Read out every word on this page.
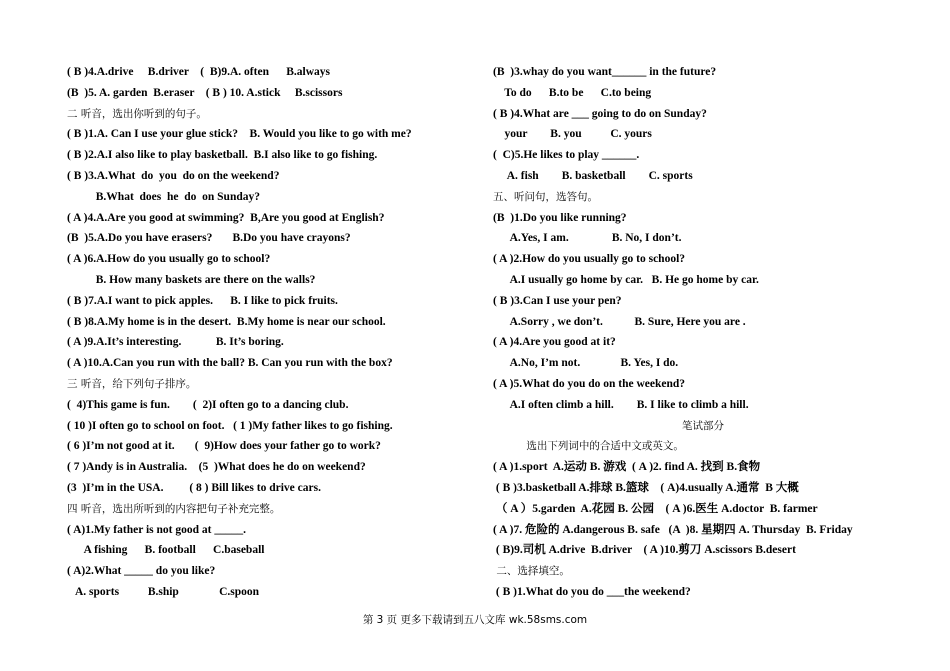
( B )4.A.drive     B.driver    (  B)9.A. often      B.always
(B  )5. A. garden  B.eraser    ( B ) 10. A.stick     B.scissors
二 听音，选出你听到的句子。
( B )1.A. Can I use your glue stick?    B. Would you like to go with me?
( B )2.A.I also like to play basketball.  B.I also like to go fishing.
( B )3.A.What  do  you  do on the weekend?
B.What  does  he  do  on Sunday?
( A )4.A.Are you good at swimming?  B,Are you good at English?
(B  )5.A.Do you have erasers?       B.Do you have crayons?
( A )6.A.How do you usually go to school?
B. How many baskets are there on the walls?
( B )7.A.I want to pick apples.      B. I like to pick fruits.
( B )8.A.My home is in the desert.  B.My home is near our school.
( A )9.A.It’s interesting.            B. It’s boring.
( A )10.A.Can you run with the ball? B. Can you run with the box?
三 听音，给下列句子排序。
(  4)This game is fun.        (  2)I often go to a dancing club.
( 10 )I often go to school on foot.   ( 1 )My father likes to go fishing.
( 6 )I’m not good at it.       (  9)How does your father go to work?
( 7 )Andy is in Australia.    (5  )What does he do on weekend?
(3  )I’m in the USA.         ( 8 ) Bill likes to drive cars.
四 听音，选出所听到的内容把句子补充完整。
( A)1.My father is not good at _____.
A fishing      B. football      C.baseball
( A)2.What _____ do you like?
A. sports          B.ship              C.spoon
(B  )3.whay do you want______ in the future?
To do      B.to be      C.to being
( B )4.What are ___ going to do on Sunday?
your        B. you          C. yours
(  C)5.He likes to play ______.
A. fish        B. basketball        C. sports
五、听问句，选答句。
(B  )1.Do you like running?
A.Yes, I am.               B. No, I don’t.
( A )2.How do you usually go to school?
A.I usually go home by car.   B. He go home by car.
( B )3.Can I use your pen?
A.Sorry , we don’t.           B. Sure, Here you are .
( A )4.Are you good at it?
A.No, I’m not.              B. Yes, I do.
( A )5.What do you do on the weekend?
A.I often climb a hill.        B. I like to climb a hill.
笔试部分
选出下列词中的合适中文或英文。
( A )1.sport  A.运动 B. 游戏  ( A )2. find A. 找到 B.食物
( B )3.basketball A.排球 B.篮球    ( A)4.usually A.通常  B 大概
（ A ）5.garden  A.花园 B. 公园    ( A )6.医生 A.doctor  B. farmer
( A )7. 危险的 A.dangerous B. safe   (A  )8. 星期四 A. Thursday  B. Friday
( B)9.司机 A.drive  B.driver    ( A )10.剪刀 A.scissors B.desert
二、选择填空。
( B )1.What do you do ___the weekend?
第 3 页 更多下载请到五八文库 wk.58sms.com
